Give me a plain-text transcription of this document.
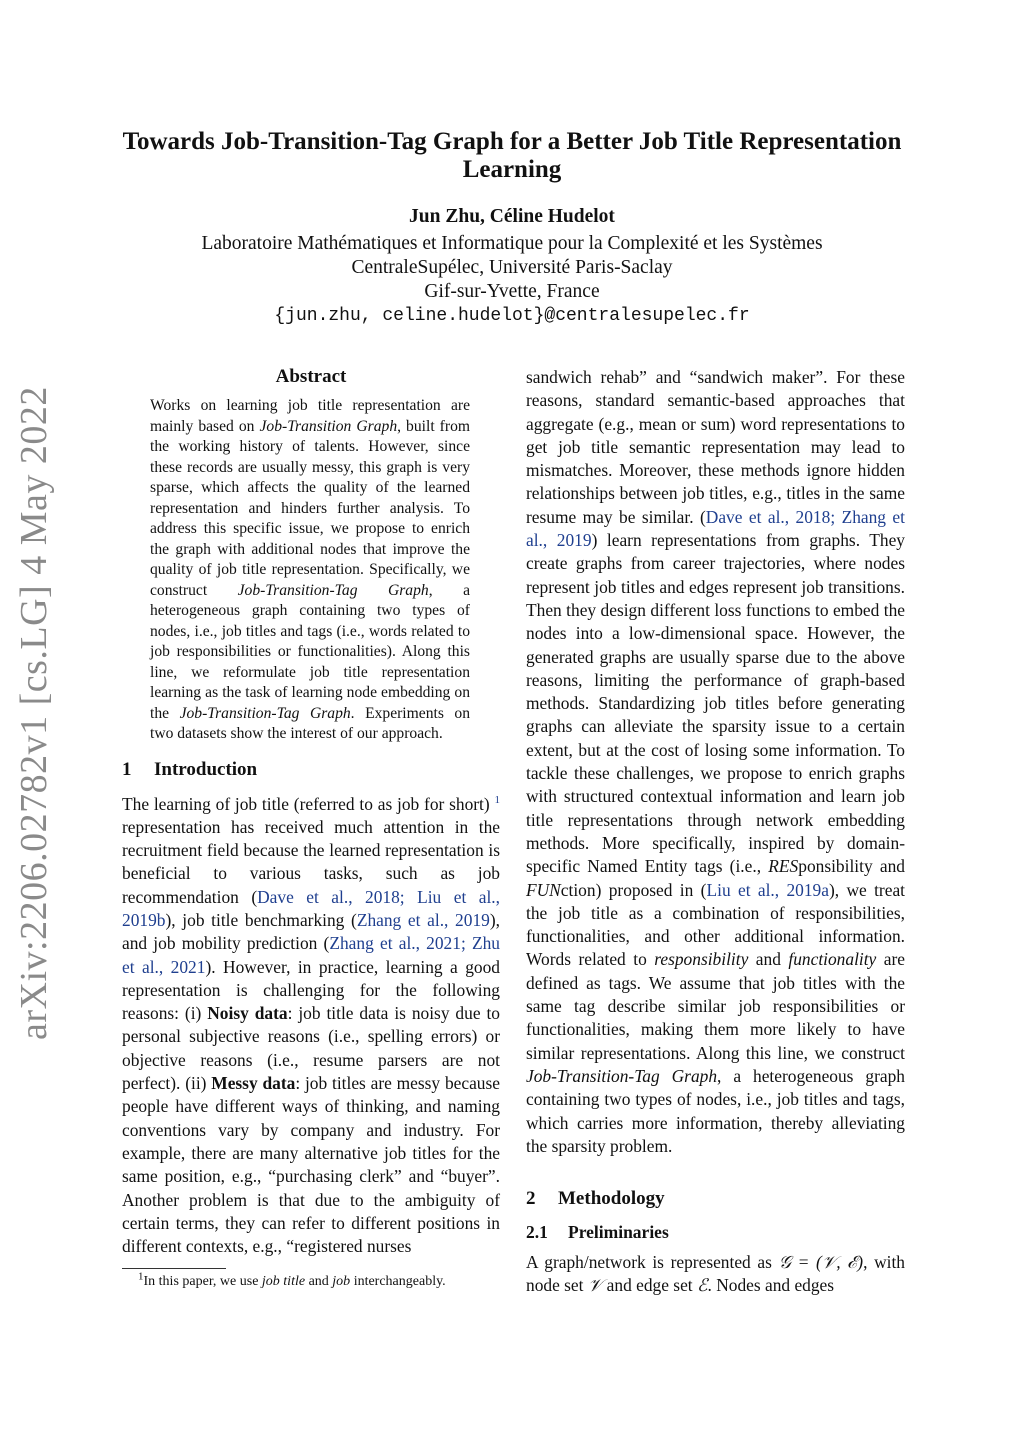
arXiv:2206.02782v1 [cs.LG] 4 May 2022
Towards Job-Transition-Tag Graph for a Better Job Title Representation
Learning
Jun Zhu, Céline Hudelot
Laboratoire Mathématiques et Informatique pour la Complexité et les Systèmes
CentraleSupélec, Université Paris-Saclay
Gif-sur-Yvette, France
{jun.zhu, celine.hudelot}@centralesupelec.fr
Abstract

Works on learning job title representation are mainly based on Job-Transition Graph, built from the working history of talents. However, since these records are usually messy, this graph is very sparse, which affects the quality of the learned representation and hinders further analysis. To address this specific issue, we propose to enrich the graph with additional nodes that improve the quality of job title representation. Specifically, we construct Job-Transition-Tag Graph, a heterogeneous graph containing two types of nodes, i.e., job titles and tags (i.e., words related to job responsibilities or functionalities). Along this line, we reformulate job title representation learning as the task of learning node embedding on the Job-Transition-Tag Graph. Experiments on two datasets show the interest of our approach.

1 Introduction

The learning of job title (referred to as job for short) $^1$ representation has received much attention in the recruitment field because the learned representation is beneficial to various tasks, such as job recommendation (Dave et al., 2018; Liu et al., 2019b), job title benchmarking (Zhang et al., 2019), and job mobility prediction (Zhang et al., 2021; Zhu et al., 2021). However, in practice, learning a good representation is challenging for the following reasons: (i) Noisy data: job title data is noisy due to personal subjective reasons (i.e., spelling errors) or objective reasons (i.e., resume parsers are not perfect). (ii) Messy data: job titles are messy because people have different ways of thinking, and naming conventions vary by company and industry. For example, there are many alternative job titles for the same position, e.g., “purchasing clerk” and “buyer”. Another problem is that due to the ambiguity of certain terms, they can refer to different positions in different contexts, e.g., “registered nurses

$^1$In this paper, we use job title and job interchangeably.

sandwich rehab” and “sandwich maker”. For these reasons, standard semantic-based approaches that aggregate (e.g., mean or sum) word representations to get job title semantic representation may lead to mismatches. Moreover, these methods ignore hidden relationships between job titles, e.g., titles in the same resume may be similar. (Dave et al., 2018; Zhang et al., 2019) learn representations from graphs. They create graphs from career trajectories, where nodes represent job titles and edges represent job transitions. Then they design different loss functions to embed the nodes into a low-dimensional space. However, the generated graphs are usually sparse due to the above reasons, limiting the performance of graph-based methods. Standardizing job titles before generating graphs can alleviate the sparsity issue to a certain extent, but at the cost of losing some information. To tackle these challenges, we propose to enrich graphs with structured contextual information and learn job title representations through network embedding methods. More specifically, inspired by domain-specific Named Entity tags (i.e., RESponsibility and FUNction) proposed in (Liu et al., 2019a), we treat the job title as a combination of responsibilities, functionalities, and other additional information. Words related to responsibility and functionality are defined as tags. We assume that job titles with the same tag describe similar job responsibilities or functionalities, making them more likely to have similar representations. Along this line, we construct Job-Transition-Tag Graph, a heterogeneous graph containing two types of nodes, i.e., job titles and tags, which carries more information, thereby alleviating the sparsity problem.

2 Methodology
2.1 Preliminaries

A graph/network is represented as 𝒢 = (𝒱, ℰ), with node set 𝒱 and edge set ℰ. Nodes and edges
